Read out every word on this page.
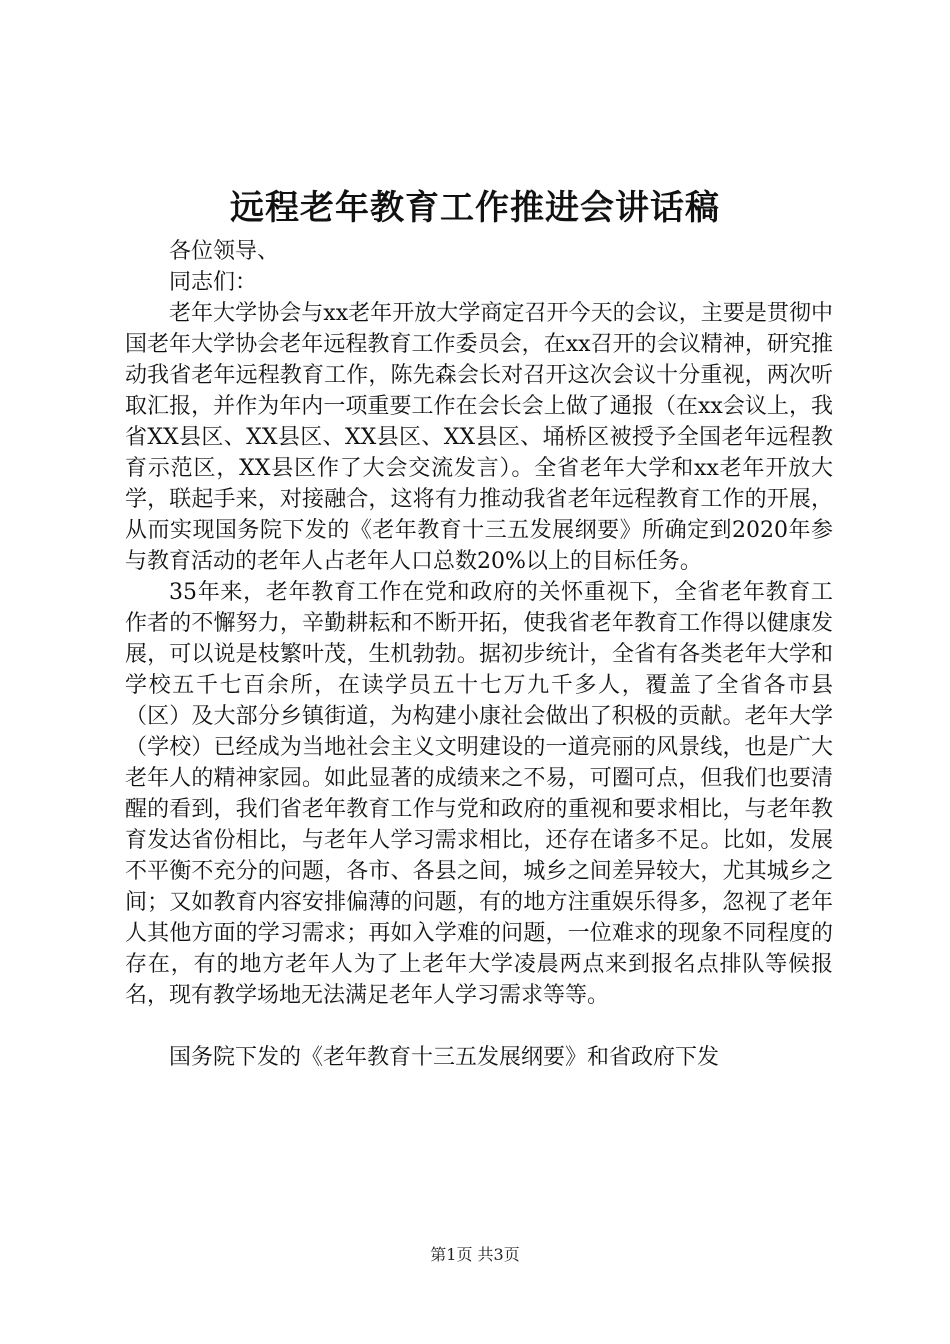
远程老年教育工作推进会讲话稿

各位领导、

同志们：

老年大学协会与xx老年开放大学商定召开今天的会议，主要是贯彻中国老年大学协会老年远程教育工作委员会，在xx召开的会议精神，研究推动我省老年远程教育工作，陈先森会长对召开这次会议十分重视，两次听取汇报，并作为年内一项重要工作在会长会上做了通报（在xx会议上，我省XX县区、XX县区、XX县区、XX县区、埇桥区被授予全国老年远程教育示范区，XX县区作了大会交流发言）。全省老年大学和xx老年开放大学，联起手来，对接融合，这将有力推动我省老年远程教育工作的开展，从而实现国务院下发的《老年教育十三五发展纲要》所确定到2020年参与教育活动的老年人占老年人口总数20%以上的目标任务。

35年来，老年教育工作在党和政府的关怀重视下，全省老年教育工作者的不懈努力，辛勤耕耘和不断开拓，使我省老年教育工作得以健康发展，可以说是枝繁叶茂，生机勃勃。据初步统计，全省有各类老年大学和学校五千七百余所，在读学员五十七万九千多人，覆盖了全省各市县（区）及大部分乡镇街道，为构建小康社会做出了积极的贡献。老年大学（学校）已经成为当地社会主义文明建设的一道亮丽的风景线，也是广大老年人的精神家园。如此显著的成绩来之不易，可圈可点，但我们也要清醒的看到，我们省老年教育工作与党和政府的重视和要求相比，与老年教育发达省份相比，与老年人学习需求相比，还存在诸多不足。比如，发展不平衡不充分的问题，各市、各县之间，城乡之间差异较大，尤其城乡之间；又如教育内容安排偏薄的问题，有的地方注重娱乐得多，忽视了老年人其他方面的学习需求；再如入学难的问题，一位难求的现象不同程度的存在，有的地方老年人为了上老年大学凌晨两点来到报名点排队等候报名，现有教学场地无法满足老年人学习需求等等。

国务院下发的《老年教育十三五发展纲要》和省政府下发

第1页 共3页
